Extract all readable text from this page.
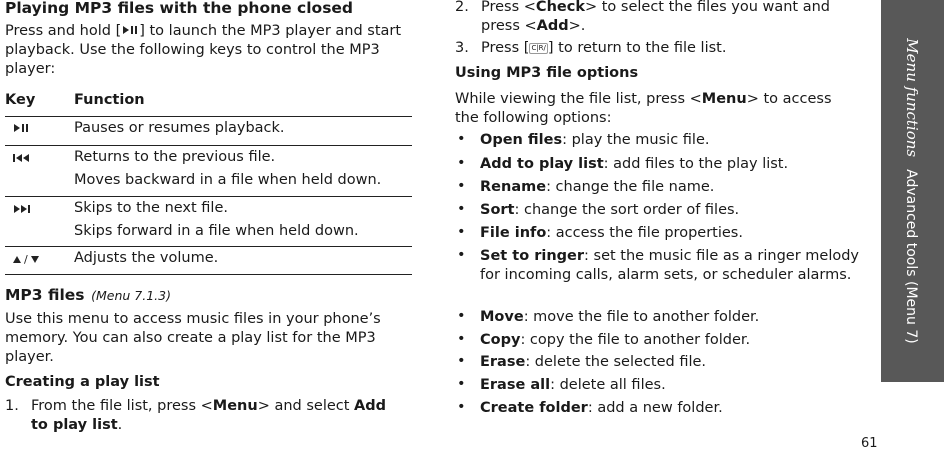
Playing MP3 files with the phone closed
Press and hold [ ] to launch the MP3 player and start playback. Use the following keys to control the MP3 player:
Key	Function
Pauses or resumes playback.
Returns to the previous file.
Moves backward in a file when held down.
Skips to the next file.
Skips forward in a file when held down.
/	Adjusts the volume.
MP3 files (Menu 7.1.3)
Use this menu to access music files in your phone’s memory. You can also create a play list for the MP3 player.
Creating a play list
1. From the file list, press <Menu> and select Add to play list.
2. Press <Check> to select the files you want and press <Add>.
3. Press [ C|R/ ] to return to the file list.
Using MP3 file options
While viewing the file list, press <Menu> to access the following options:
• Open files: play the music file.
• Add to play list: add files to the play list.
• Rename: change the file name.
• Sort: change the sort order of files.
• File info: access the file properties.
• Set to ringer: set the music file as a ringer melody for incoming calls, alarm sets, or scheduler alarms.
• Move: move the file to another folder.
• Copy: copy the file to another folder.
• Erase: delete the selected file.
• Erase all: delete all files.
• Create folder: add a new folder.
Menu functionsAdvanced tools (Menu 7)
61
